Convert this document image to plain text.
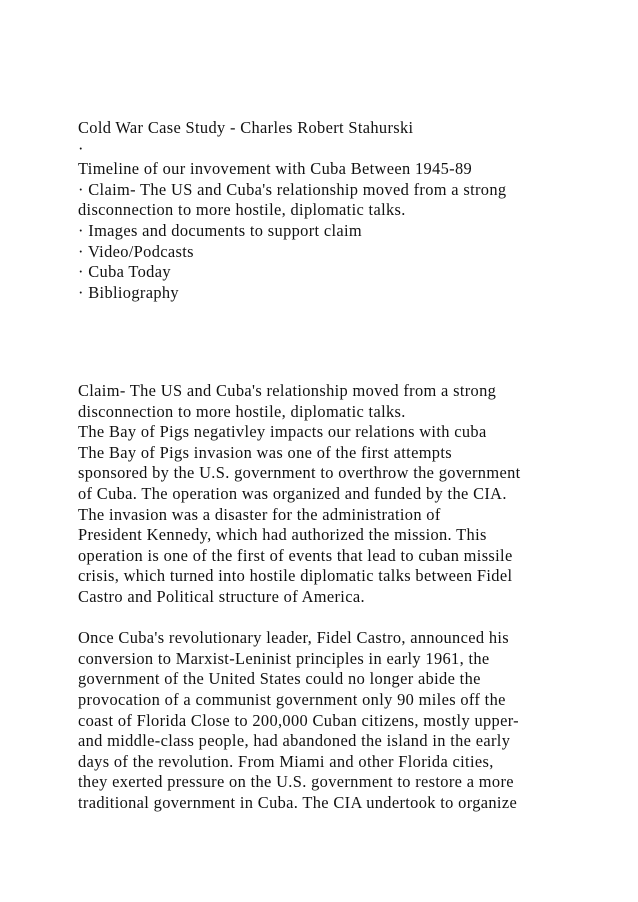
Cold War Case Study - Charles Robert Stahurski
·
Timeline of our invovement with Cuba Between 1945-89
· Claim- The US and Cuba's relationship moved from a strong
disconnection to more hostile, diplomatic talks.
· Images and documents to support claim
· Video/Podcasts
· Cuba Today
· Bibliography
Claim- The US and Cuba's relationship moved from a strong
disconnection to more hostile, diplomatic talks.
The Bay of Pigs negativley impacts our relations with cuba
The Bay of Pigs invasion was one of the first attempts
sponsored by the U.S. government to overthrow the government
of Cuba. The operation was organized and funded by the CIA.
The invasion was a disaster for the administration of
President Kennedy, which had authorized the mission. This
operation is one of the first of events that lead to cuban missile
crisis, which turned into hostile diplomatic talks between Fidel
Castro and Political structure of America.
Once Cuba's revolutionary leader, Fidel Castro, announced his
conversion to Marxist-Leninist principles in early 1961, the
government of the United States could no longer abide the
provocation of a communist government only 90 miles off the
coast of Florida Close to 200,000 Cuban citizens, mostly upper-
and middle-class people, had abandoned the island in the early
days of the revolution. From Miami and other Florida cities,
they exerted pressure on the U.S. government to restore a more
traditional government in Cuba. The CIA undertook to organize
